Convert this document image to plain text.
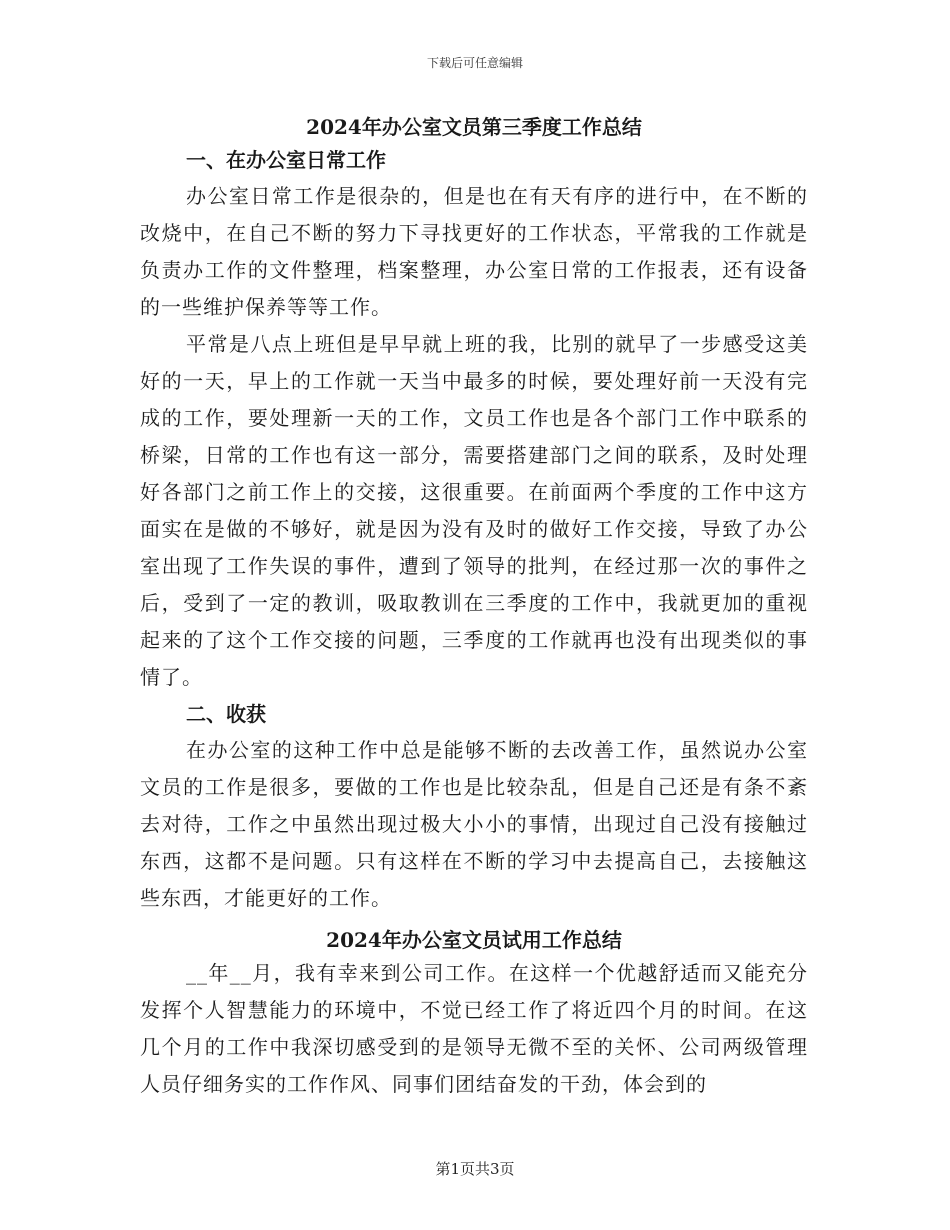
下载后可任意编辑
2024年办公室文员第三季度工作总结
一、在办公室日常工作

办公室日常工作是很杂的，但是也在有天有序的进行中，在不断的改烧中，在自己不断的努力下寻找更好的工作状态，平常我的工作就是负责办工作的文件整理，档案整理，办公室日常的工作报表，还有设备的一些维护保养等等工作。

平常是八点上班但是早早就上班的我，比别的就早了一步感受这美好的一天，早上的工作就一天当中最多的时候，要处理好前一天没有完成的工作，要处理新一天的工作，文员工作也是各个部门工作中联系的桥梁，日常的工作也有这一部分，需要搭建部门之间的联系，及时处理好各部门之前工作上的交接，这很重要。在前面两个季度的工作中这方面实在是做的不够好，就是因为没有及时的做好工作交接，导致了办公室出现了工作失误的事件，遭到了领导的批判，在经过那一次的事件之后，受到了一定的教训，吸取教训在三季度的工作中，我就更加的重视起来的了这个工作交接的问题，三季度的工作就再也没有出现类似的事情了。

二、收获

在办公室的这种工作中总是能够不断的去改善工作，虽然说办公室文员的工作是很多，要做的工作也是比较杂乱，但是自己还是有条不紊去对待，工作之中虽然出现过极大小小的事情，出现过自己没有接触过东西，这都不是问题。只有这样在不断的学习中去提高自己，去接触这些东西，才能更好的工作。

2024年办公室文员试用工作总结

__年__月，我有幸来到公司工作。在这样一个优越舒适而又能充分发挥个人智慧能力的环境中，不觉已经工作了将近四个月的时间。在这几个月的工作中我深切感受到的是领导无微不至的关怀、公司两级管理人员仔细务实的工作作风、同事们团结奋发的干劲，体会到的

第1页共3页
